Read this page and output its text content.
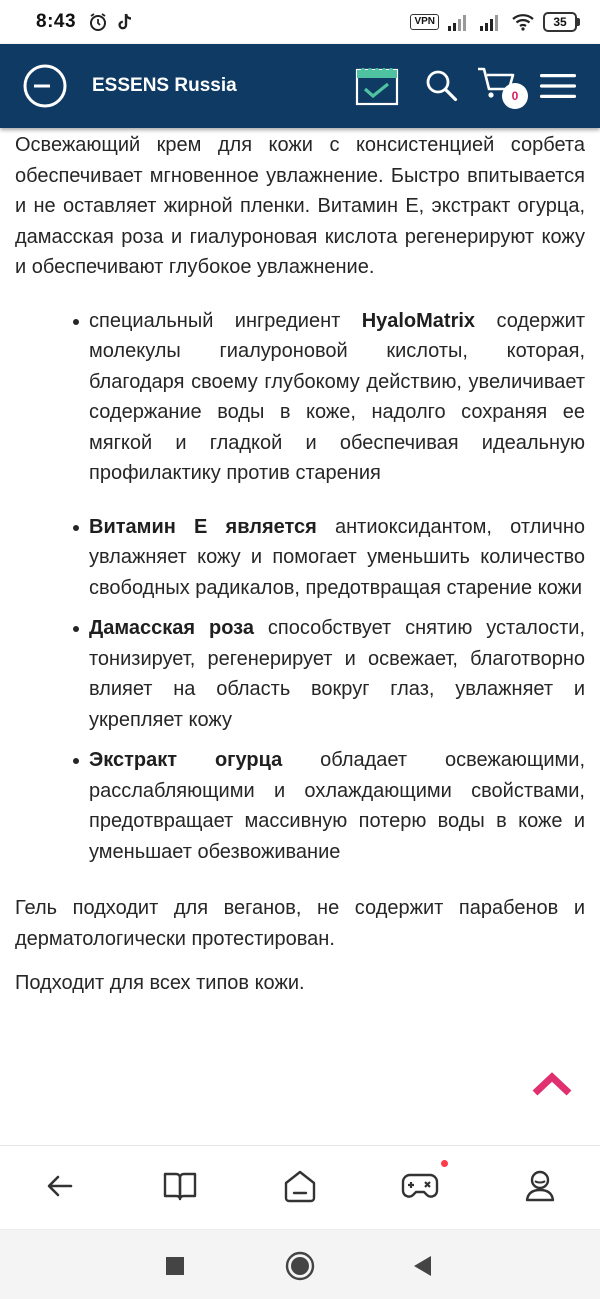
8:43	VPN	35
ESSENS Russia	0

Освежающий крем для кожи с консистенцией сорбета обеспечивает мгновенное увлажнение. Быстро впитывается и не оставляет жирной пленки. Витамин Е, экстракт огурца, дамасская роза и гиалуроновая кислота регенерируют кожу и обеспечивают глубокое увлажнение.

специальный ингредиент HyaloMatrix содержит молекулы гиалуроновой кислоты, которая, благодаря своему глубокому действию, увеличивает содержание воды в коже, надолго сохраняя ее мягкой и гладкой и обеспечивая идеальную профилактику против старения
Витамин Е является антиоксидантом, отлично увлажняет кожу и помогает уменьшить количество свободных радикалов, предотвращая старение кожи
Дамасская роза способствует снятию усталости, тонизирует, регенерирует и освежает, благотворно влияет на область вокруг глаз, увлажняет и укрепляет кожу
Экстракт огурца обладает освежающими, расслабляющими и охлаждающими свойствами, предотвращает массивную потерю воды в коже и уменьшает обезвоживание

Гель подходит для веганов, не содержит парабенов и дерматологически протестирован.

Подходит для всех типов кожи.
